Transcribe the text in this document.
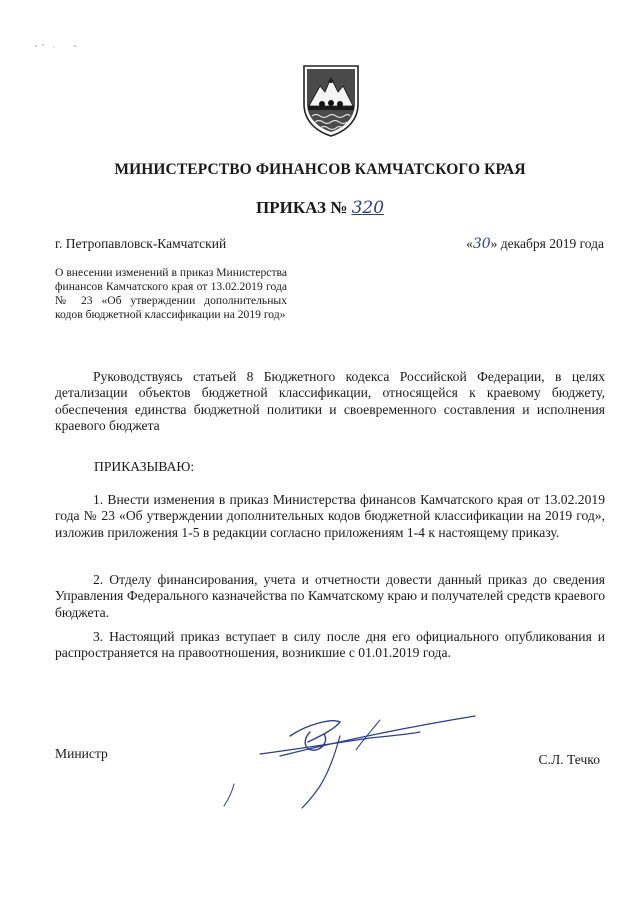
МИНИСТЕРСТВО ФИНАНСОВ КАМЧАТСКОГО КРАЯ
ПРИКАЗ № 320
г. Петропавловск-Камчатский	«30» декабря 2019 года
О внесении изменений в приказ Министерства финансов Камчатского края от 13.02.2019 года № 23 «Об утверждении дополнительных кодов бюджетной классификации на 2019 год»
Руководствуясь статьей 8 Бюджетного кодекса Российской Федерации, в целях детализации объектов бюджетной классификации, относящейся к краевому бюджету, обеспечения единства бюджетной политики и своевременного составления и исполнения краевого бюджета
ПРИКАЗЫВАЮ:
1. Внести изменения в приказ Министерства финансов Камчатского края от 13.02.2019 года № 23 «Об утверждении дополнительных кодов бюджетной классификации на 2019 год», изложив приложения 1-5 в редакции согласно приложениям 1-4 к настоящему приказу.
2. Отделу финансирования, учета и отчетности довести данный приказ до сведения Управления Федерального казначейства по Камчатскому краю и получателей средств краевого бюджета.
3. Настоящий приказ вступает в силу после дня его официального опубликования и распространяется на правоотношения, возникшие с 01.01.2019 года.
Министр	С.Л. Течко
